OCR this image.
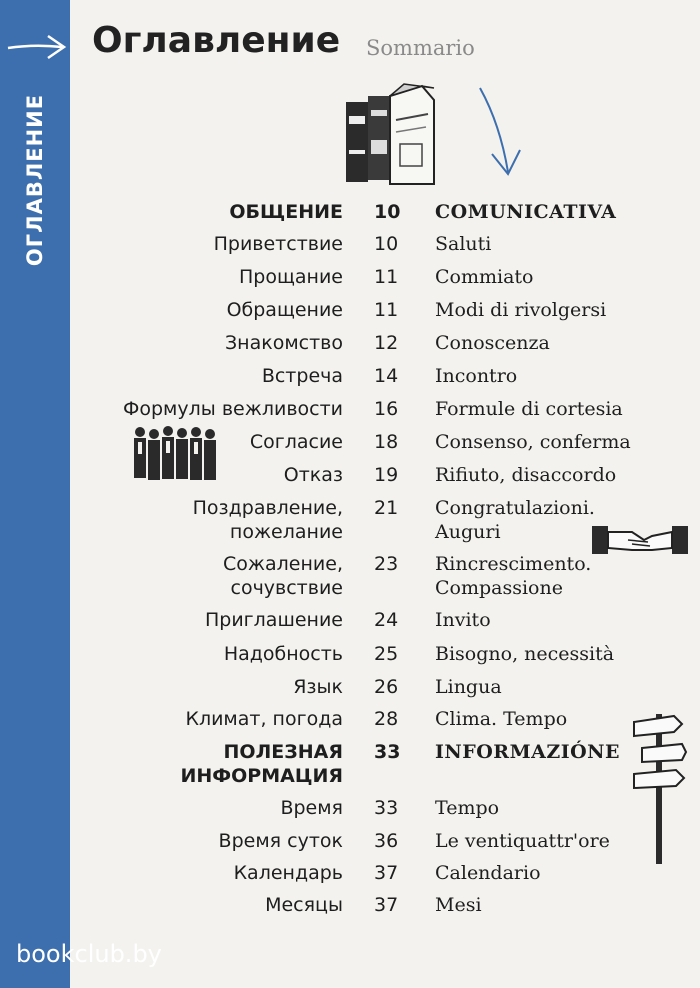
ОГЛАВЛЕНИЕ
Оглавление Sommario
ОБЩЕНИЕ 10	COMUNICATIVA
Приветствие 10	Saluti
Прощание 11	Commiato
Обращение 11	Modi di rivolgersi
Знакомство 12	Conoscenza
Встреча 14	Incontro
Формулы вежливости 16	Formule di cortesia
Согласие 18	Consenso, conferma
Отказ 19	Rifiuto, disaccordo
Поздравление,
пожелание
21	Congratulazioni.
Auguri
Сожаление,
сочувствие
23	Rincrescimento.
Compassione
Приглашение 24	Invito
Надобность 25	Bisogno, necessità
Язык 26	Lingua
Климат, погода 28	Clima. Tempo
ПОЛЕЗНАЯ
ИНФОРМАЦИЯ
33	INFORMAZIÓNE
Время 33	Tempo
Время суток 36	Le ventiquattr'ore
Календарь 37	Calendario
Месяцы 37	Mesi
bookclub.by
